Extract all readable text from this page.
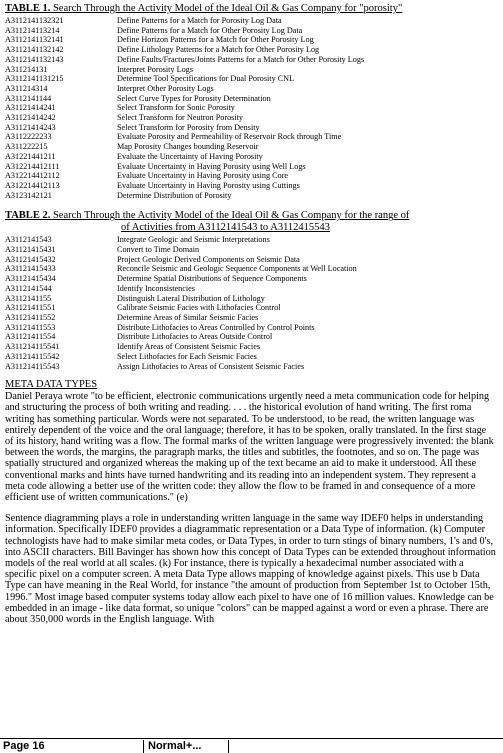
TABLE 1. Search Through the Activity Model of the Ideal Oil & Gas Company for "porosity"
A3112141132321	Define Patterns for a Match for Porosity Log Data
A311214113214	Define Patterns for a Match for Other Porosity Log Data
A3112141132141	Define Horizon Patterns for a Match for Other Porosity Log
A3112141132142	Define Lithology Patterns for a Match for Other Porosity Log
A3112141132143	Define Faults/Fractures/Joints Patterns for a Match for Other Porosity Logs
A311214131	Interpret Porosity Logs
A3112141131215	Determine Tool Specifications for Dual Porosity CNL
A311214314	Interpret Other Porosity Logs
A3112141144	Select Curve Types for Porosity Determination
A31121414241	Select Transform for Sonic Porosity
A31121414242	Select Transform for Neutron Porosity
A31121414243	Select Transform for Porosity from Density
A3112222233	Evaluate Porosity and Permeability of Reservoir Rock through Time
A311222215	Map Porosity Changes bounding Reservoir
A31221441211	Evaluate the Uncertainty of Having Porosity
A312214412111	Evaluate Uncertainty in Having Porosity using Well Logs
A312214412112	Evaluate Uncertainty in Having Porosity using Core
A312214412113	Evaluate Uncertainty in Having Porosity using Cuttings
A3123142121	Determine Distribution of Porosity
TABLE 2. Search Through the Activity Model of the Ideal Oil & Gas Company for the range of
of Activities from A3112141543 to A3112415543
A3112141543	Integrate Geologic and Seismic Interpretations
A31121415431	Convert to Time Domain
A31121415432	Project Geologic Derived Components on Seismic Data
A31121415433	Reconcile Seismic and Geologic Sequence Components at Well Location
A31121415434	Determine Spatial Distributions of Sequence Components
A3112141544	Identify Inconsistencies
A3112141155	Distinguish Lateral Distribution of Lithology
A31121411551	Calibrate Seismic Facies with Lithofacies Control
A31121411552	Determine Areas of Similar Seismic Facies
A31121411553	Distribute Lithofacies to Areas Controlled by Control Points
A31121411554	Distribute Lithofacies to Areas Outside Control
A311214115541	Identify Areas of Consistent Seismic Facies
A311214115542	Select Lithofacies for Each Seismic Facies
A311214115543	Assign Lithofacies to Areas of Consistent Seismic Facies
META DATA TYPES

Daniel Peraya wrote "to be efficient, electronic communications urgently need a meta communication code for helping and structuring the process of both writing and reading. . . . the historical evolution of hand writing. The first roma writing has something particular. Words were not separated. To be understood, to be read, the written language was entirely dependent of the voice and the oral language; therefore, it has to be spoken, orally translated. In the first stage of its history, hand writing was a flow. The formal marks of the written language were progressively invented: the blank between the words, the margins, the paragraph marks, the titles and subtitles, the footnotes, and so on. The page was spatially structured and organized whereas the making up of the text became an aid to make it understood. All these conventional marks and hints have turned handwriting and its reading into an independent system. They represent a meta code allowing a better use of the written code: they allow the flow to be framed in and consequence of a more efficient use of written communications." (e)

Sentence diagramming plays a role in understanding written language in the same way IDEF0 helps in understanding information. Specifically IDEF0 provides a diagrammatic representation or a Data Type of information. (k) Computer technologists have had to make similar meta codes, or Data Types, in order to turn stings of binary numbers, 1's and 0's, into ASCII characters. Bill Bavinger has shown how this concept of Data Types can be extended throughout information models of the real world at all scales. (k) For instance, there is typically a hexadecimal number associated with a specific pixel on a computer screen. A meta Data Type allows mapping of knowledge against pixels. This use b Data Type can have meaning in the Real World, for instance "the amount of production from September 1st to October 15th, 1996." Most image based computer systems today allow each pixel to have one of 16 million values. Knowledge can be embedded in an image - like data format, so unique "colors" can be mapped against a word or even a phrase. There are about 350,000 words in the English language. With

Page 16	Normal+...
